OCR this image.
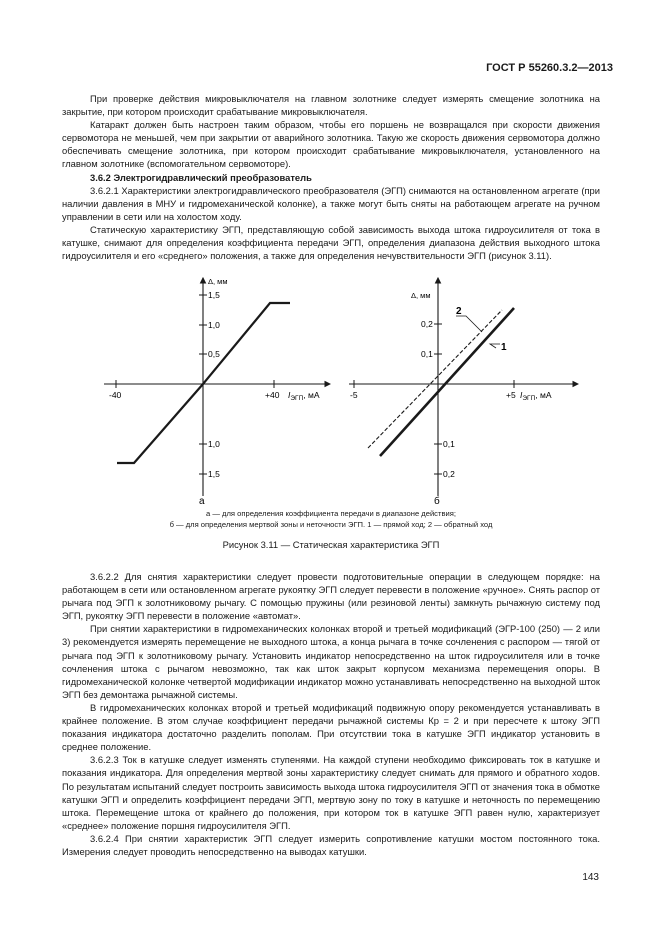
ГОСТ Р 55260.3.2—2013

При проверке действия микровыключателя на главном золотнике следует измерять смещение золотника на закрытие, при котором происходит срабатывание микровыключателя.

Катаракт должен быть настроен таким образом, чтобы его поршень не возвращался при скорости движения сервомотора не меньшей, чем при закрытии от аварийного золотника. Такую же скорость движения сервомотора должно обеспечивать смещение золотника, при котором происходит срабатывание микровыключателя, установленного на главном золотнике (вспомогательном сервомоторе).

3.6.2 Электрогидравлический преобразователь

3.6.2.1 Характеристики электрогидравлического преобразователя (ЭГП) снимаются на остановленном агрегате (при наличии давления в МНУ и гидромеханической колонке), а также могут быть сняты на работающем агрегате на ручном управлении в сети или на холостом ходу.

Статическую характеристику ЭГП, представляющую собой зависимость выхода штока гидроусилителя от тока в катушке, снимают для определения коэффициента передачи ЭГП, определения диапазона действия выходного штока гидроусилителя и его «среднего» положения, а также для определения нечувствительности ЭГП (рисунок 3.11).

Δ, мм
1,5
1,0
0,5
1,0
1,5
-40	+40 $I_{ЭГП}$, мА
а
2
1
Δ, мм
0,2
0,1
0,1
0,2
-5	+5 $I_{ЭГП}$, мА
б
а — для определения коэффициента передачи в диапазоне действия;
б — для определения мертвой зоны и неточности ЭГП. 1 — прямой ход; 2 — обратный ход
Рисунок 3.11 — Статическая характеристика ЭГП

3.6.2.2 Для снятия характеристики следует провести подготовительные операции в следующем порядке: на работающем в сети или остановленном агрегате рукоятку ЭГП следует перевести в положение «ручное». Снять распор от рычага под ЭГП к золотниковому рычагу. С помощью пружины (или резиновой ленты) замкнуть рычажную систему под ЭГП, рукоятку ЭГП перевести в положение «автомат».

При снятии характеристики в гидромеханических колонках второй и третьей модификаций (ЭГР-100 (250) — 2 или 3) рекомендуется измерять перемещение не выходного штока, а конца рычага в точке сочленения с распором — тягой от рычага под ЭГП к золотниковому рычагу. Установить индикатор непосредственно на шток гидроусилителя или в точке сочленения штока с рычагом невозможно, так как шток закрыт корпусом механизма перемещения опоры. В гидромеханической колонке четвертой модификации индикатор можно устанавливать непосредственно на выходной шток ЭГП без демонтажа рычажной системы.

В гидромеханических колонках второй и третьей модификаций подвижную опору рекомендуется устанавливать в крайнее положение. В этом случае коэффициент передачи рычажной системы Кр = 2 и при пересчете к штоку ЭГП показания индикатора достаточно разделить пополам. При отсутствии тока в катушке ЭГП индикатор установить в среднее положение.

3.6.2.3 Ток в катушке следует изменять ступенями. На каждой ступени необходимо фиксировать ток в катушке и показания индикатора. Для определения мертвой зоны характеристику следует снимать для прямого и обратного ходов. По результатам испытаний следует построить зависимость выхода штока гидроусилителя ЭГП от значения тока в обмотке катушки ЭГП и определить коэффициент передачи ЭГП, мертвую зону по току в катушке и неточность по перемещению штока. Перемещение штока от крайнего до положения, при котором ток в катушке ЭГП равен нулю, характеризует «среднее» положение поршня гидроусилителя ЭГП.

3.6.2.4 При снятии характеристик ЭГП следует измерить сопротивление катушки мостом постоянного тока. Измерения следует проводить непосредственно на выводах катушки.

143
